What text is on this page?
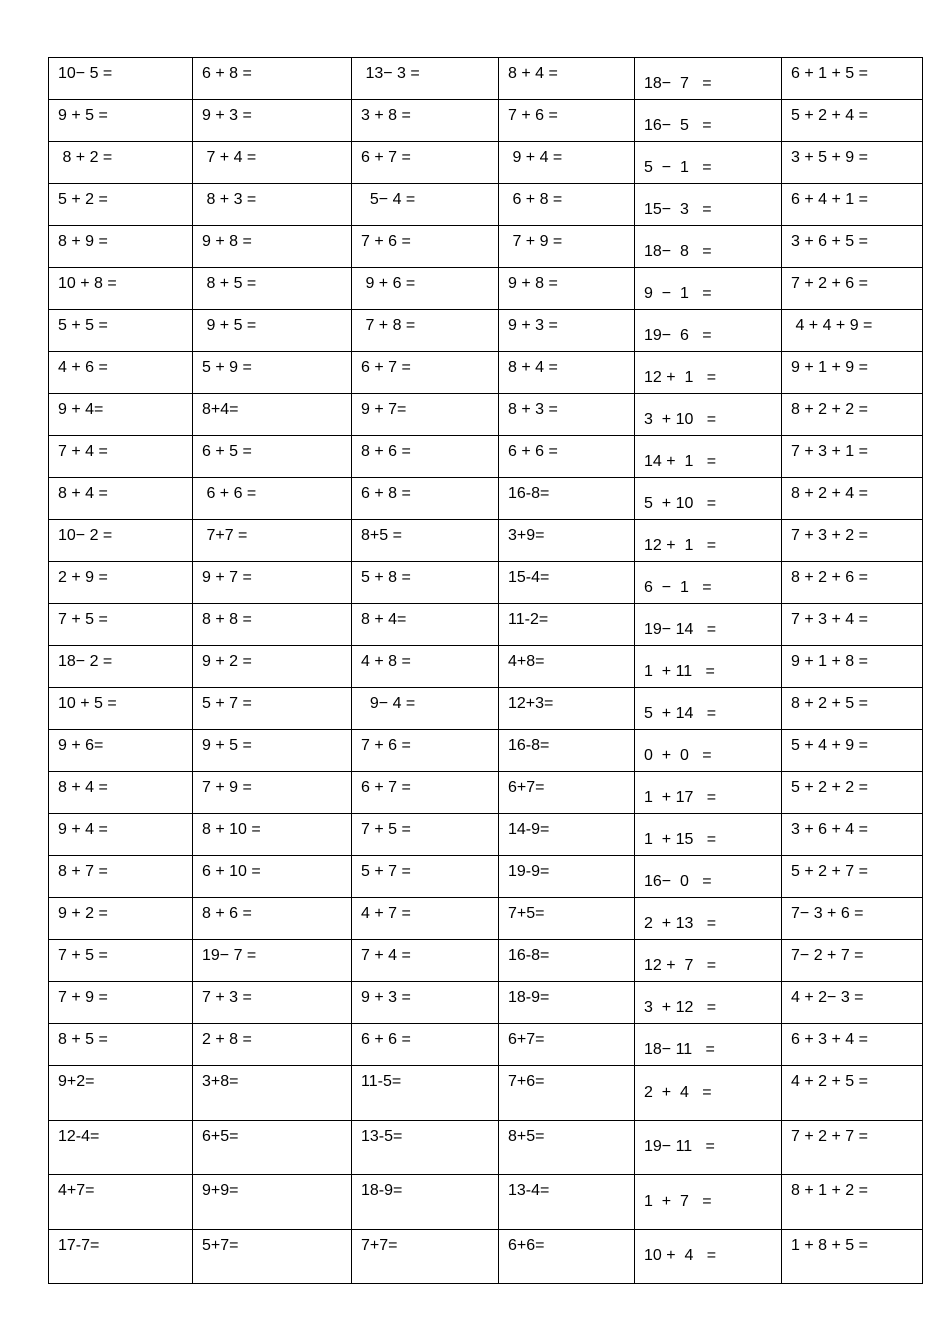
10− 5 =	6 + 8 =	13− 3 =	8 + 4 =	18−  7   =	6 + 1 + 5 =
9 + 5 =	9 + 3 =	3 + 8 =	7 + 6 =	16−  5   =	5 + 2 + 4 =
8 + 2 =	7 + 4 =	6 + 7 =	9 + 4 =	5  −  1   =	3 + 5 + 9 =
5 + 2 =	8 + 3 =	5− 4 =	6 + 8 =	15−  3   =	6 + 4 + 1 =
8 + 9 =	9 + 8 =	7 + 6 =	7 + 9 =	18−  8   =	3 + 6 + 5 =
10 + 8 =	8 + 5 =	9 + 6 =	9 + 8 =	9  −  1   =	7 + 2 + 6 =
5 + 5 =	9 + 5 =	7 + 8 =	9 + 3 =	19−  6   =	4 + 4 + 9 =
4 + 6 =	5 + 9 =	6 + 7 =	8 + 4 =	12 +  1   =	9 + 1 + 9 =
9 + 4=	8+4=	9 + 7=	8 + 3 =	3  + 10   =	8 + 2 + 2 =
7 + 4 =	6 + 5 =	8 + 6 =	6 + 6 =	14 +  1   =	7 + 3 + 1 =
8 + 4 =	6 + 6 =	6 + 8 =	16-8=	5  + 10   =	8 + 2 + 4 =
10− 2 =	7+7 =	8+5 =	3+9=	12 +  1   =	7 + 3 + 2 =
2 + 9 =	9 + 7 =	5 + 8 =	15-4=	6  −  1   =	8 + 2 + 6 =
7 + 5 =	8 + 8 =	8 + 4=	11-2=	19− 14   =	7 + 3 + 4 =
18− 2 =	9 + 2 =	4 + 8 =	4+8=	1  + 11   =	9 + 1 + 8 =
10 + 5 =	5 + 7 =	9− 4 =	12+3=	5  + 14   =	8 + 2 + 5 =
9 + 6=	9 + 5 =	7 + 6 =	16-8=	0  +  0   =	5 + 4 + 9 =
8 + 4 =	7 + 9 =	6 + 7 =	6+7=	1  + 17   =	5 + 2 + 2 =
9 + 4 =	8 + 10 =	7 + 5 =	14-9=	1  + 15   =	3 + 6 + 4 =
8 + 7 =	6 + 10 =	5 + 7 =	19-9=	16−  0   =	5 + 2 + 7 =
9 + 2 =	8 + 6 =	4 + 7 =	7+5=	2  + 13   =	7− 3 + 6 =
7 + 5 =	19− 7 =	7 + 4 =	16-8=	12 +  7   =	7− 2 + 7 =
7 + 9 =	7 + 3 =	9 + 3 =	18-9=	3  + 12   =	4 + 2− 3 =
8 + 5 =	2 + 8 =	6 + 6 =	6+7=	18− 11   =	6 + 3 + 4 =
9+2=	3+8=	11-5=	7+6=	2  +  4   =	4 + 2 + 5 =
12-4=	6+5=	13-5=	8+5=	19− 11   =	7 + 2 + 7 =
4+7=	9+9=	18-9=	13-4=	1  +  7   =	8 + 1 + 2 =
17-7=	5+7=	7+7=	6+6=	10 +  4   =	1 + 8 + 5 =
